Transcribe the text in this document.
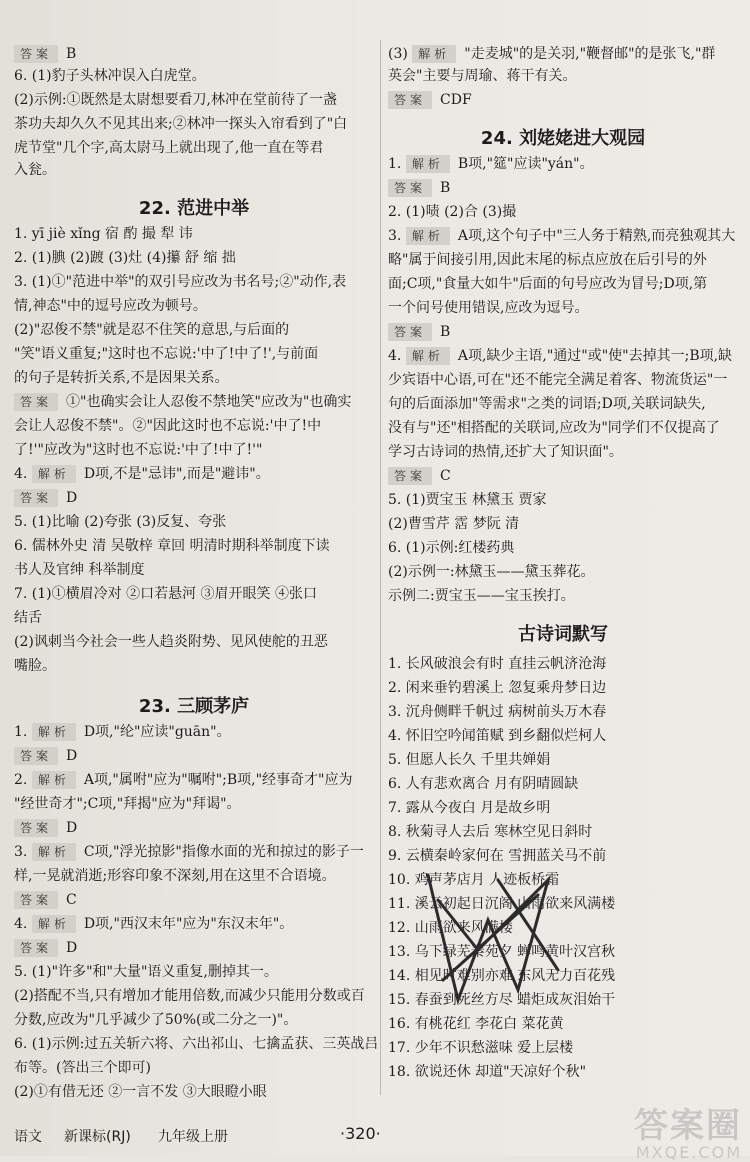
答案 B
6. (1)豹子头林冲误入白虎堂。
(2)示例:①既然是太尉想要看刀,林冲在堂前待了一盏
茶功夫却久久不见其出来;②林冲一探头入帘看到了"白
虎节堂"几个字,高太尉马上就出现了,他一直在等君
入瓮。
22. 范进中举
1. yī jiè xǐng 宿 酌 撮 犁 讳
2. (1)腆 (2)踱 (3)灶 (4)攥 舒 缩 拙
3. (1)①"范进中举"的双引号应改为书名号;②"动作,表
情,神态"中的逗号应改为顿号。
(2)"忍俊不禁"就是忍不住笑的意思,与后面的
"笑"语义重复;"这时也不忘说:'中了!中了!',与前面
的句子是转折关系,不是因果关系。
答案 ①"也确实会让人忍俊不禁地笑"应改为"也确实
会让人忍俊不禁"。②"因此这时也不忘说:'中了!中
了!'"应改为"这时也不忘说:'中了!中了!'"
4. 解析 D项,不是"忌讳",而是"避讳"。
答案 D
5. (1)比喻 (2)夸张 (3)反复、夸张
6. 儒林外史 清 吴敬梓 章回 明清时期科举制度下读
书人及官绅 科举制度
7. (1)①横眉冷对 ②口若悬河 ③眉开眼笑 ④张口
结舌
(2)讽刺当今社会一些人趋炎附势、见风使舵的丑恶
嘴脸。
23. 三顾茅庐
1. 解析 D项,"纶"应读"guān"。
答案 D
2. 解析 A项,"属咐"应为"嘱咐";B项,"经事奇才"应为
"经世奇才";C项,"拜揭"应为"拜谒"。
答案 D
3. 解析 C项,"浮光掠影"指像水面的光和掠过的影子一
样,一晃就消逝;形容印象不深刻,用在这里不合语境。
答案 C
4. 解析 D项,"西汉末年"应为"东汉末年"。
答案 D
5. (1)"许多"和"大量"语义重复,删掉其一。
(2)搭配不当,只有增加才能用倍数,而减少只能用分数或百
分数,应改为"几乎减少了50%(或二分之一)"。
6. (1)示例:过五关斩六将、六出祁山、七擒孟获、三英战吕
布等。(答出三个即可)
(2)①有借无还 ②一言不发 ③大眼瞪小眼
(3) 解析 "走麦城"的是关羽,"鞭督邮"的是张飞,"群
英会"主要与周瑜、蒋干有关。
答案 CDF
24. 刘姥姥进大观园
1. 解析 B项,"筵"应读"yán"。
答案 B
2. (1)啧 (2)合 (3)撮
3. 解析 A项,这个句子中"三人务于精熟,而亮独观其大
略"属于间接引用,因此末尾的标点应放在后引号的外
面;C项,"食量大如牛"后面的句号应改为冒号;D项,第
一个问号使用错误,应改为逗号。
答案 B
4. 解析 A项,缺少主语,"通过"或"使"去掉其一;B项,缺
少宾语中心语,可在"还不能完全满足着客、物流货运"一
句的后面添加"等需求"之类的词语;D项,关联词缺失,
没有与"还"相搭配的关联词,应改为"同学们不仅提高了
学习古诗词的热情,还扩大了知识面"。
答案 C
5. (1)贾宝玉 林黛玉 贾家
(2)曹雪芹 霑 梦阮 清
6. (1)示例:红楼药典
(2)示例一:林黛玉——黛玉葬花。
示例二:贾宝玉——宝玉挨打。
古诗词默写
1. 长风破浪会有时 直挂云帆济沧海
2. 闲来垂钓碧溪上 忽复乘舟梦日边
3. 沉舟侧畔千帆过 病树前头万木春
4. 怀旧空吟闻笛赋 到乡翻似烂柯人
5. 但愿人长久 千里共婵娟
6. 人有悲欢离合 月有阴晴圆缺
7. 露从今夜白 月是故乡明
8. 秋菊寻人去后 寒林空见日斜时
9. 云横秦岭家何在 雪拥蓝关马不前
10. 鸡声茅店月 人迹板桥霜
11. 溪云初起日沉阁 山雨欲来风满楼
12. 山雨欲来风满楼
13. 乌下绿芜秦苑夕 蝉鸣黄叶汉宫秋
14. 相见时难别亦难 东风无力百花残
15. 春蚕到死丝方尽 蜡炬成灰泪始干
16. 有桃花红 李花白 菜花黄
17. 少年不识愁滋味 爱上层楼
18. 欲说还休 却道"天凉好个秋"
语文 新课标(RJ) 九年级上册	·320·	答案圈
MXQE.COM
